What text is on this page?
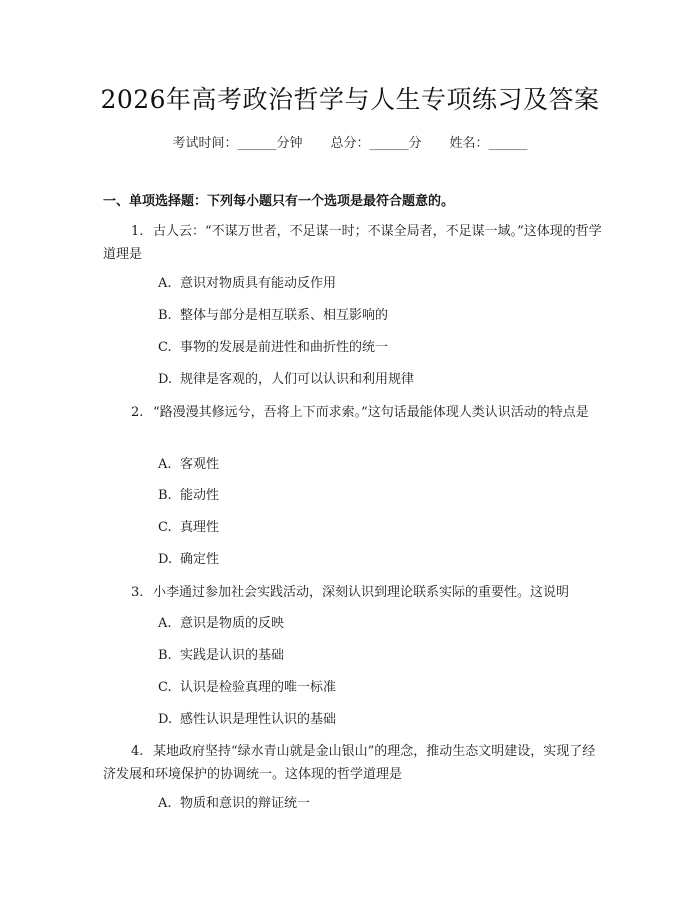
2026年高考政治哲学与人生专项练习及答案
考试时间：______分钟 总分：______分 姓名：______
一、单项选择题：下列每小题只有一个选项是最符合题意的。
1. 古人云：“不谋万世者，不足谋一时；不谋全局者，不足谋一域。”这体现的哲学道理是
A. 意识对物质具有能动反作用
B. 整体与部分是相互联系、相互影响的
C. 事物的发展是前进性和曲折性的统一
D. 规律是客观的，人们可以认识和利用规律
2. “路漫漫其修远兮，吾将上下而求索。”这句话最能体现人类认识活动的特点是
A. 客观性
B. 能动性
C. 真理性
D. 确定性
3. 小李通过参加社会实践活动，深刻认识到理论联系实际的重要性。这说明
A. 意识是物质的反映
B. 实践是认识的基础
C. 认识是检验真理的唯一标准
D. 感性认识是理性认识的基础
4. 某地政府坚持“绿水青山就是金山银山”的理念，推动生态文明建设，实现了经济发展和环境保护的协调统一。这体现的哲学道理是
A. 物质和意识的辩证统一
